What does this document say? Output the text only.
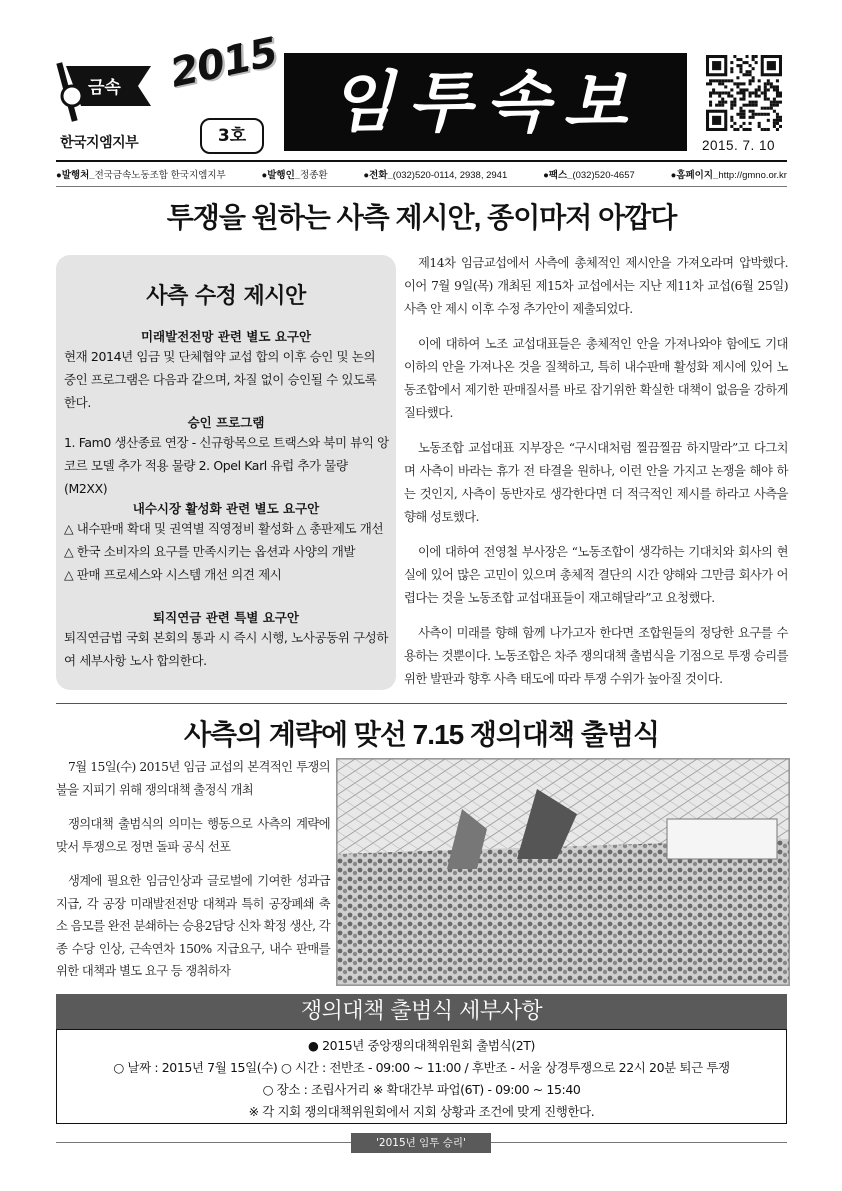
금속
한국지엠지부
2015
3호	임투속보
2015. 7. 10
●발행처_전국금속노동조합 한국지엠지부	●발행인_정종환	●전화_(032)520-0114, 2938, 2941	●팩스_(032)520-4657	●홈페이지_http://gmno.or.kr
투쟁을 원하는 사측 제시안, 종이마저 아깝다
사측 수정 제시안
미래발전전망 관련 별도 요구안
현재 2014년 임금 및 단체협약 교섭 합의 이후 승인 및 논의 중인 프로그램은 다음과 같으며, 차질 없이 승인될 수 있도록 한다.
승인 프로그램
1. Fam0 생산종료 연장 - 신규항목으로 트랙스와 북미 뷰익 앙코르 모델 추가 적용 물량 2. Opel Karl 유럽 추가 물량(M2XX)
내수시장 활성화 관련 별도 요구안
△ 내수판매 확대 및 권역별 직영정비 활성화 △ 총판제도 개선
△ 한국 소비자의 요구를 만족시키는 옵션과 사양의 개발
△ 판매 프로세스와 시스템 개선 의견 제시
퇴직연금 관련 특별 요구안
퇴직연금법 국회 본회의 통과 시 즉시 시행, 노사공동위 구성하여 세부사항 노사 합의한다.

제14차 임금교섭에서 사측에 총체적인 제시안을 가져오라며 압박했다. 이어 7월 9일(목) 개최된 제15차 교섭에서는 지난 제11차 교섭(6월 25일) 사측 안 제시 이후 수정 추가안이 제출되었다.

이에 대하여 노조 교섭대표들은 총체적인 안을 가져나와야 함에도 기대 이하의 안을 가져나온 것을 질책하고, 특히 내수판매 활성화 제시에 있어 노동조합에서 제기한 판매질서를 바로 잡기위한 확실한 대책이 없음을 강하게 질타했다.

노동조합 교섭대표 지부장은 “구시대처럼 찔끔찔끔 하지말라”고 다그치며 사측이 바라는 휴가 전 타결을 원하나, 이런 안을 가지고 논쟁을 해야 하는 것인지, 사측이 동반자로 생각한다면 더 적극적인 제시를 하라고 사측을 향해 성토했다.

이에 대하여 전영철 부사장은 “노동조합이 생각하는 기대치와 회사의 현실에 있어 많은 고민이 있으며 총체적 결단의 시간 양해와 그만큼 회사가 어렵다는 것을 노동조합 교섭대표들이 재고해달라”고 요청했다.

사측이 미래를 향해 함께 나가고자 한다면 조합원들의 정당한 요구를 수용하는 것뿐이다. 노동조합은 차주 쟁의대책 출범식을 기점으로 투쟁 승리를 위한 발판과 향후 사측 태도에 따라 투쟁 수위가 높아질 것이다.

사측의 계략에 맞선 7.15 쟁의대책 출범식

7월 15일(수) 2015년 임금 교섭의 본격적인 투쟁의 불을 지피기 위해 쟁의대책 출정식 개최

쟁의대책 출범식의 의미는 행동으로 사측의 계략에 맞서 투쟁으로 정면 돌파 공식 선포

생계에 필요한 임금인상과 글로벌에 기여한 성과급 지급, 각 공장 미래발전전망 대책과 특히 공장폐쇄 축소 음모를 완전 분쇄하는 승용2담당 신차 확정 생산, 각종 수당 인상, 근속연차 150% 지급요구, 내수 판매를 위한 대책과 별도 요구 등 쟁취하자

쟁의대책 출범식 세부사항
● 2015년 중앙쟁의대책위원회 출범식(2T)
○ 날짜 : 2015년 7월 15일(수) ○ 시간 : 전반조 - 09:00 ~ 11:00 / 후반조 - 서울 상경투쟁으로 22시 20분 퇴근 투쟁
○ 장소 : 조립사거리 ※ 확대간부 파업(6T) - 09:00 ~ 15:40
※ 각 지회 쟁의대책위원회에서 지회 상황과 조건에 맞게 진행한다.
'2015년 임투 승리'
